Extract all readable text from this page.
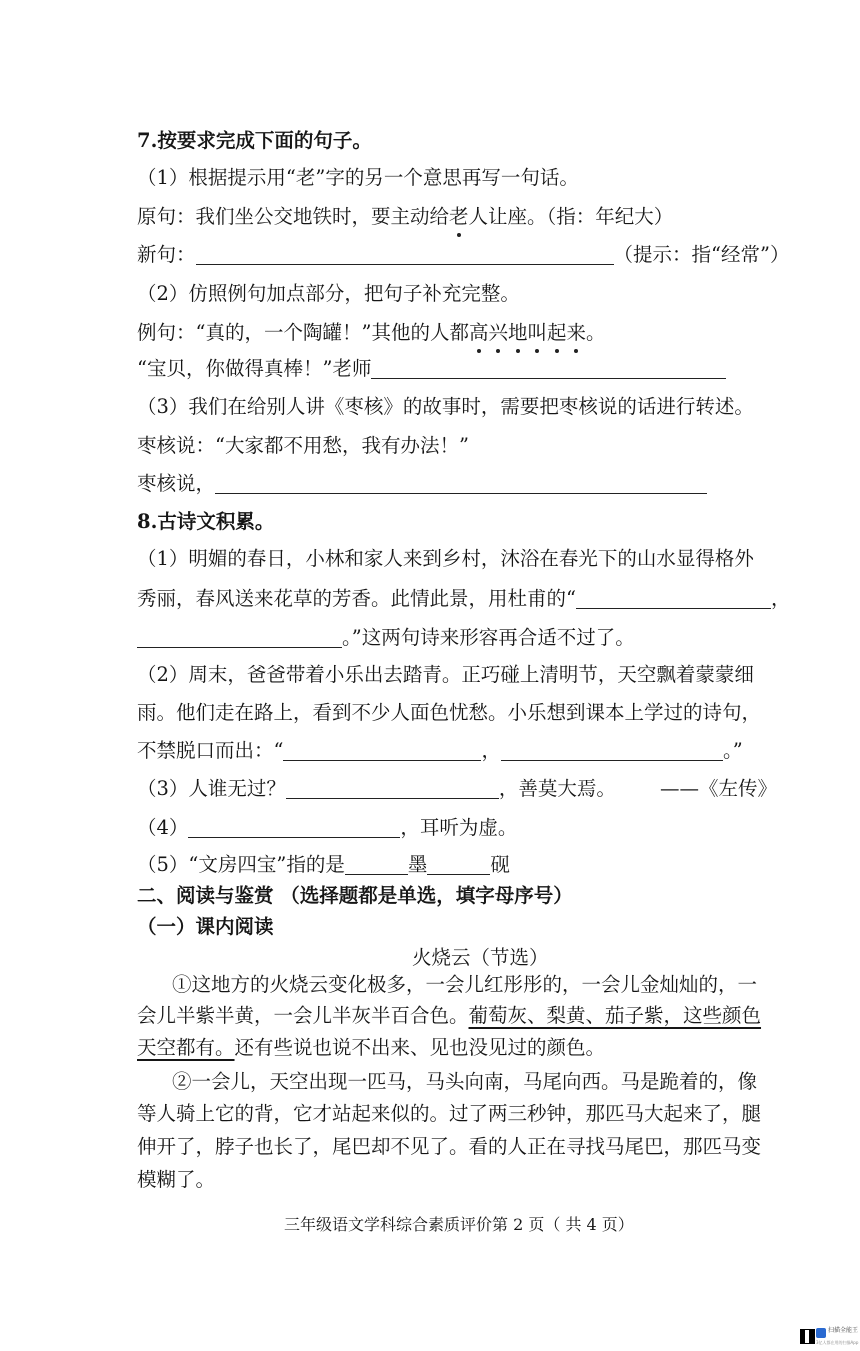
7.按要求完成下面的句子。
（1）根据提示用“老”字的另一个意思再写一句话。
原句：我们坐公交地铁时，要主动给老人让座。（指：年纪大）
新句：	（提示：指“经常”）
（2）仿照例句加点部分，把句子补充完整。
例句：“真的，一个陶罐！”其他的人都高兴地叫起来。
“宝贝，你做得真棒！”老师
（3）我们在给别人讲《枣核》的故事时，需要把枣核说的话进行转述。
枣核说：“大家都不用愁，我有办法！”
枣核说，
8.古诗文积累。
（1）明媚的春日，小林和家人来到乡村，沐浴在春光下的山水显得格外
秀丽，春风送来花草的芳香。此情此景，用杜甫的“	，
。”这两句诗来形容再合适不过了。
（2）周末，爸爸带着小乐出去踏青。正巧碰上清明节，天空飘着蒙蒙细
雨。他们走在路上，看到不少人面色忧愁。小乐想到课本上学过的诗句，
不禁脱口而出：“	，	。”
（3）人谁无过？	，善莫大焉。 ——《左传》
（4）	，耳听为虚。
（5）“文房四宝”指的是	墨	砚
二、阅读与鉴赏 （选择题都是单选，填字母序号）
（一）课内阅读
火烧云（节选）
①这地方的火烧云变化极多，一会儿红彤彤的，一会儿金灿灿的，一
会儿半紫半黄，一会儿半灰半百合色。葡萄灰、梨黄、茄子紫，这些颜色
天空都有。还有些说也说不出来、见也没见过的颜色。
②一会儿，天空出现一匹马，马头向南，马尾向西。马是跪着的，像
等人骑上它的背，它才站起来似的。过了两三秒钟，那匹马大起来了，腿
伸开了，脖子也长了，尾巴却不见了。看的人正在寻找马尾巴，那匹马变
模糊了。
三年级语文学科综合素质评价第 2 页（ 共 4 页）
扫描全能王
3亿人都在用的扫描App
